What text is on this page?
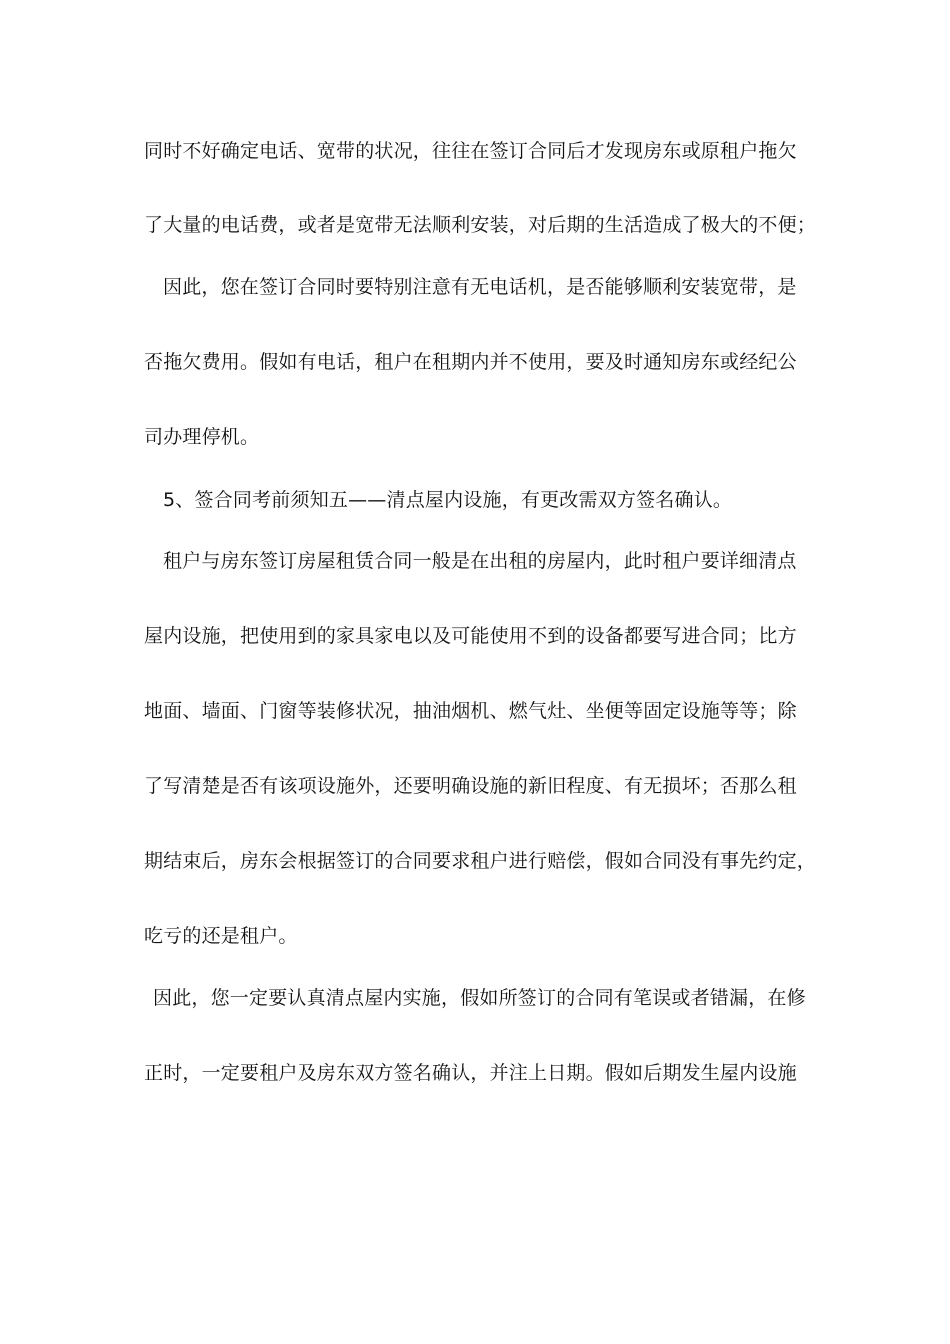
同时不好确定电话、宽带的状况，往往在签订合同后才发现房东或原租户拖欠
了大量的电话费，或者是宽带无法顺利安装，对后期的生活造成了极大的不便；
因此，您在签订合同时要特别注意有无电话机，是否能够顺利安装宽带，是
否拖欠费用。假如有电话，租户在租期内并不使用，要及时通知房东或经纪公
司办理停机。
5、签合同考前须知五——清点屋内设施，有更改需双方签名确认。
租户与房东签订房屋租赁合同一般是在出租的房屋内，此时租户要详细清点
屋内设施，把使用到的家具家电以及可能使用不到的设备都要写进合同；比方
地面、墙面、门窗等装修状况，抽油烟机、燃气灶、坐便等固定设施等等；除
了写清楚是否有该项设施外，还要明确设施的新旧程度、有无损坏；否那么租
期结束后，房东会根据签订的合同要求租户进行赔偿，假如合同没有事先约定，
吃亏的还是租户。
因此，您一定要认真清点屋内实施，假如所签订的合同有笔误或者错漏，在修
正时，一定要租户及房东双方签名确认，并注上日期。假如后期发生屋内设施
